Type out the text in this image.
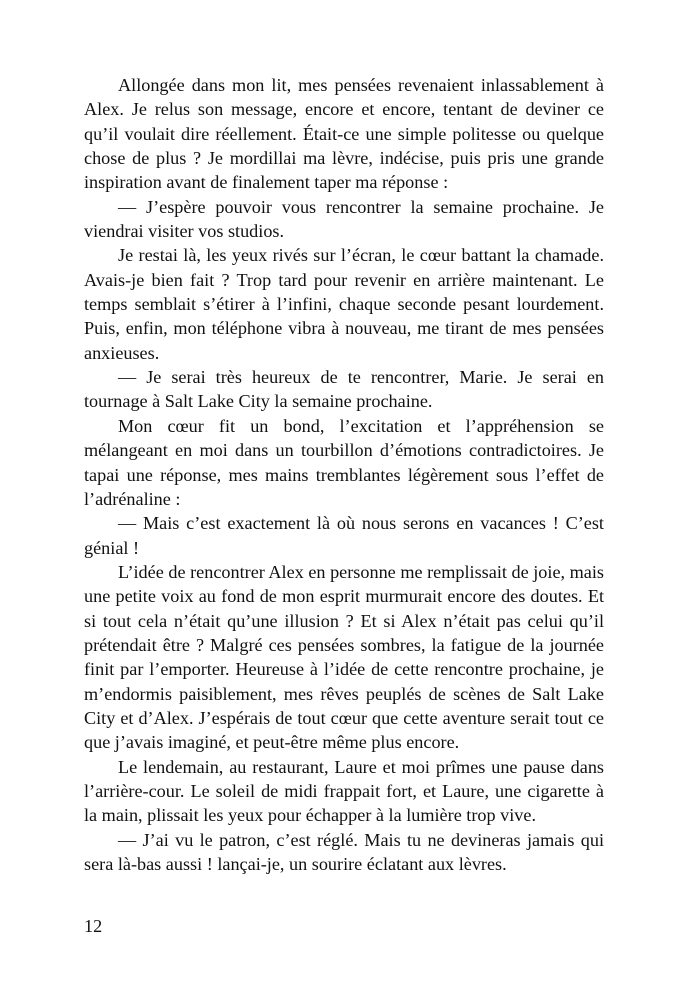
Allongée dans mon lit, mes pensées revenaient inlassablement à Alex. Je relus son message, encore et encore, tentant de deviner ce qu’il voulait dire réellement. Était-ce une simple politesse ou quelque chose de plus ? Je mordillai ma lèvre, indécise, puis pris une grande inspiration avant de finalement taper ma réponse :

— J’espère pouvoir vous rencontrer la semaine prochaine. Je viendrai visiter vos studios.

Je restai là, les yeux rivés sur l’écran, le cœur battant la chamade. Avais-je bien fait ? Trop tard pour revenir en arrière maintenant. Le temps semblait s’étirer à l’infini, chaque seconde pesant lourdement. Puis, enfin, mon téléphone vibra à nouveau, me tirant de mes pensées anxieuses.

— Je serai très heureux de te rencontrer, Marie. Je serai en tournage à Salt Lake City la semaine prochaine.

Mon cœur fit un bond, l’excitation et l’appréhension se mélangeant en moi dans un tourbillon d’émotions contradictoires. Je tapai une réponse, mes mains tremblantes légèrement sous l’effet de l’adrénaline :

— Mais c’est exactement là où nous serons en vacances ! C’est génial !

L’idée de rencontrer Alex en personne me remplissait de joie, mais une petite voix au fond de mon esprit murmurait encore des doutes. Et si tout cela n’était qu’une illusion ? Et si Alex n’était pas celui qu’il prétendait être ? Malgré ces pensées sombres, la fatigue de la journée finit par l’emporter. Heureuse à l’idée de cette rencontre prochaine, je m’endormis paisiblement, mes rêves peuplés de scènes de Salt Lake City et d’Alex. J’espérais de tout cœur que cette aventure serait tout ce que j’avais imaginé, et peut-être même plus encore.

Le lendemain, au restaurant, Laure et moi prîmes une pause dans l’arrière-cour. Le soleil de midi frappait fort, et Laure, une cigarette à la main, plissait les yeux pour échapper à la lumière trop vive.

— J’ai vu le patron, c’est réglé. Mais tu ne devineras jamais qui sera là-bas aussi ! lançai-je, un sourire éclatant aux lèvres.

12
